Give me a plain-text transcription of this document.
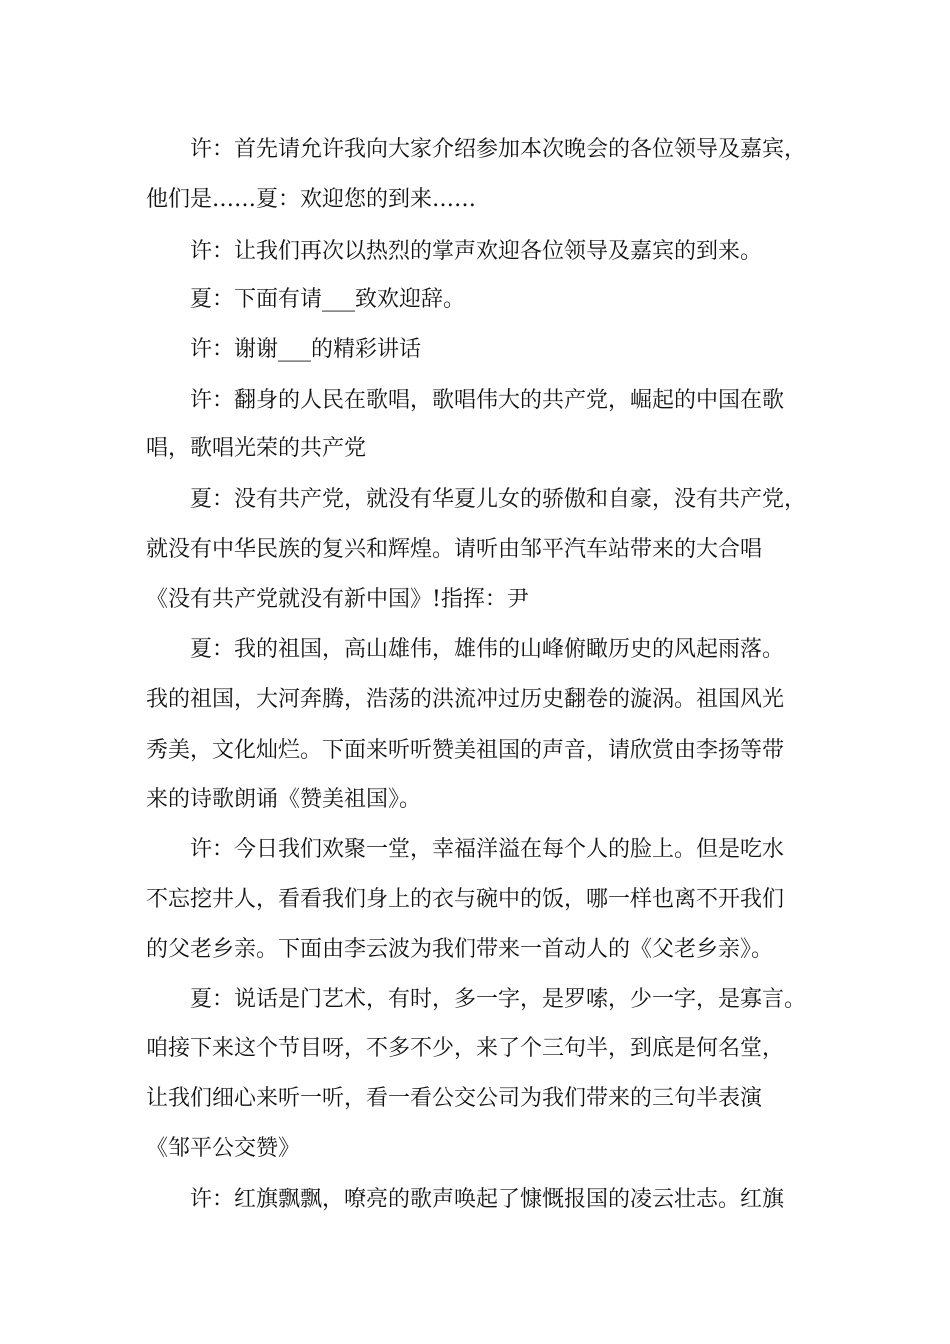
许：首先请允许我向大家介绍参加本次晚会的各位领导及嘉宾，
他们是……夏：欢迎您的到来……
许：让我们再次以热烈的掌声欢迎各位领导及嘉宾的到来。
夏：下面有请___致欢迎辞。
许：谢谢___的精彩讲话
许：翻身的人民在歌唱，歌唱伟大的共产党，崛起的中国在歌
唱，歌唱光荣的共产党
夏：没有共产党，就没有华夏儿女的骄傲和自豪，没有共产党，
就没有中华民族的复兴和辉煌。请听由邹平汽车站带来的大合唱
《没有共产党就没有新中国》!指挥：尹
夏：我的祖国，高山雄伟，雄伟的山峰俯瞰历史的风起雨落。
我的祖国，大河奔腾，浩荡的洪流冲过历史翻卷的漩涡。祖国风光
秀美，文化灿烂。下面来听听赞美祖国的声音，请欣赏由李扬等带
来的诗歌朗诵《赞美祖国》。
许：今日我们欢聚一堂，幸福洋溢在每个人的脸上。但是吃水
不忘挖井人，看看我们身上的衣与碗中的饭，哪一样也离不开我们
的父老乡亲。下面由李云波为我们带来一首动人的《父老乡亲》。
夏：说话是门艺术，有时，多一字，是罗嗦，少一字，是寡言。
咱接下来这个节目呀，不多不少，来了个三句半，到底是何名堂，
让我们细心来听一听，看一看公交公司为我们带来的三句半表演
《邹平公交赞》
许：红旗飘飘，嘹亮的歌声唤起了慷慨报国的凌云壮志。红旗
